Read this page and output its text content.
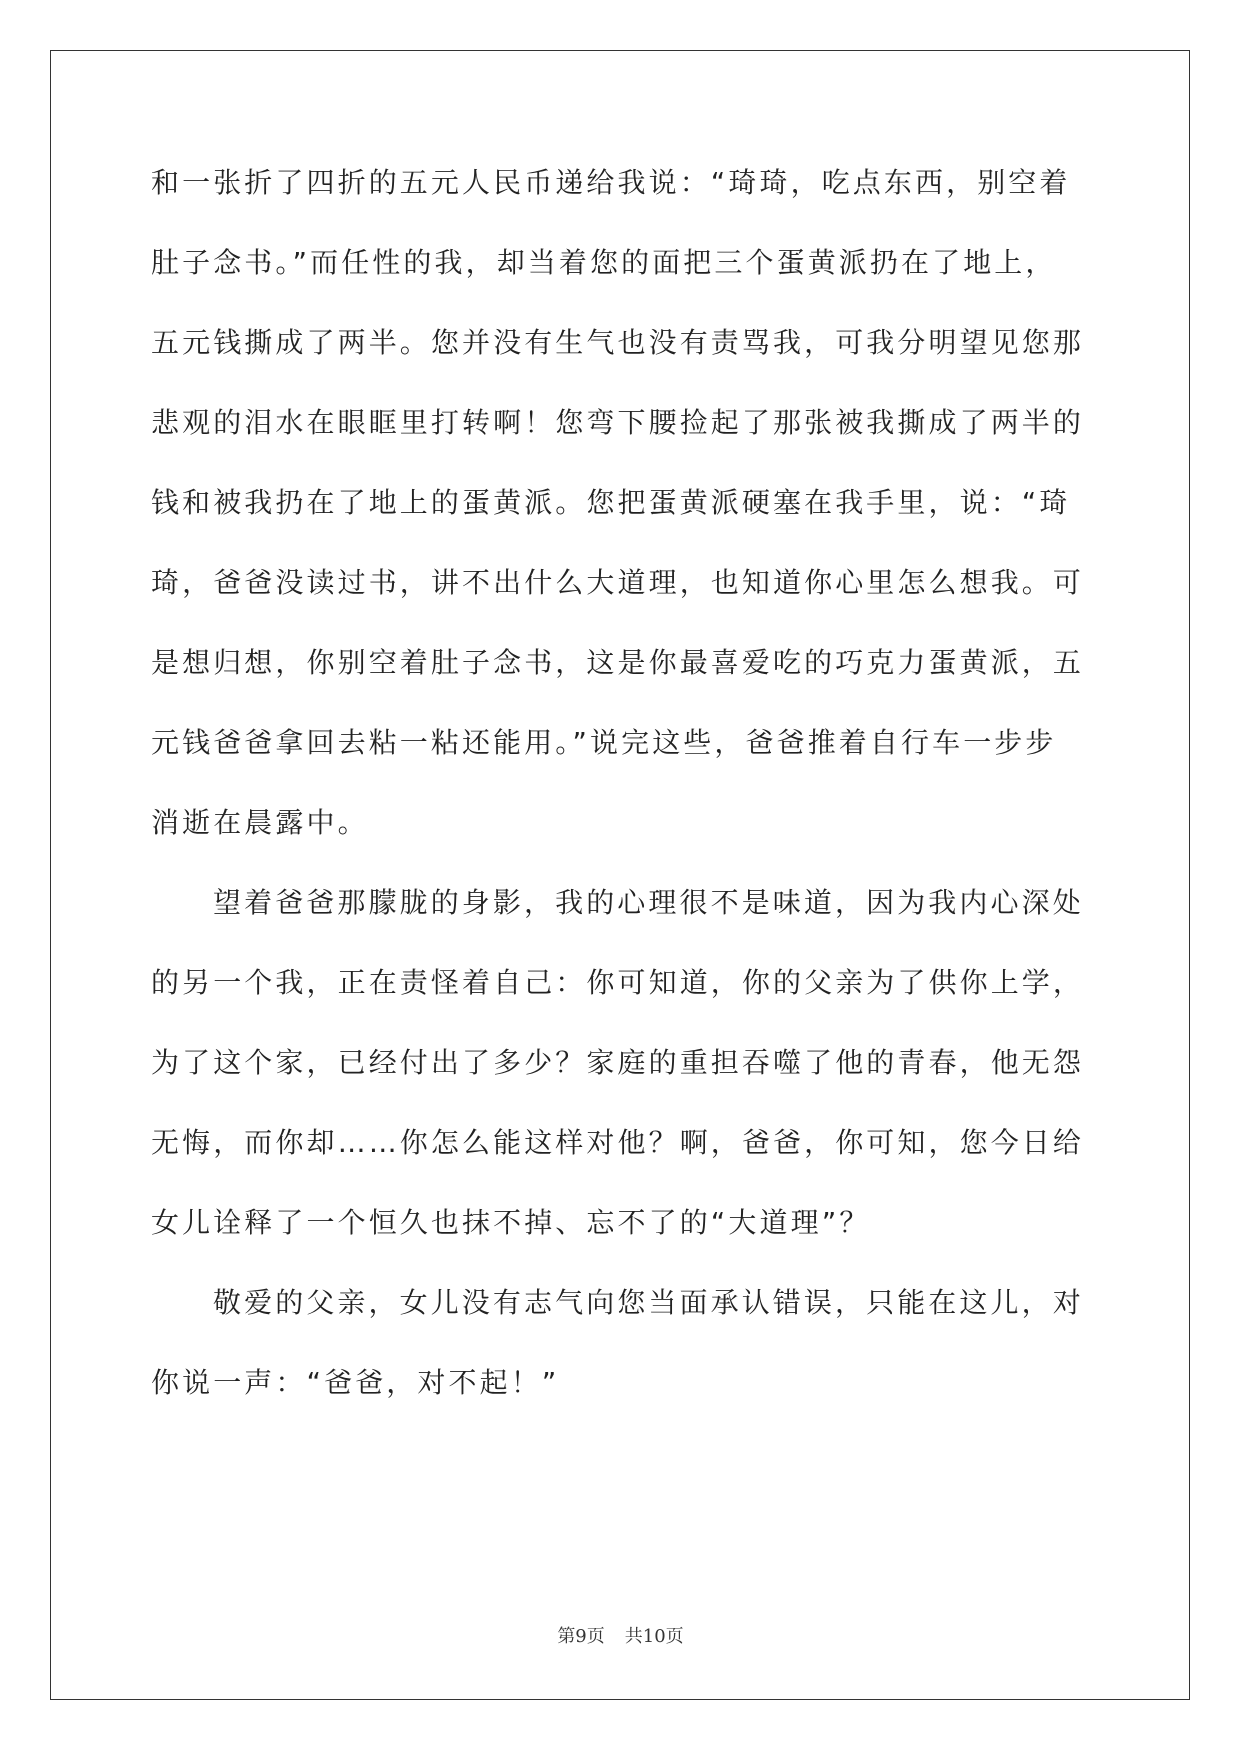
和一张折了四折的五元人民币递给我说：“琦琦，吃点东西，别空着
肚子念书。”而任性的我，却当着您的面把三个蛋黄派扔在了地上，
五元钱撕成了两半。您并没有生气也没有责骂我，可我分明望见您那
悲观的泪水在眼眶里打转啊！您弯下腰捡起了那张被我撕成了两半的
钱和被我扔在了地上的蛋黄派。您把蛋黄派硬塞在我手里，说：“琦
琦，爸爸没读过书，讲不出什么大道理，也知道你心里怎么想我。可
是想归想，你别空着肚子念书，这是你最喜爱吃的巧克力蛋黄派，五
元钱爸爸拿回去粘一粘还能用。”说完这些，爸爸推着自行车一步步
消逝在晨露中。
望着爸爸那朦胧的身影，我的心理很不是味道，因为我内心深处
的另一个我，正在责怪着自己：你可知道，你的父亲为了供你上学，
为了这个家，已经付出了多少？家庭的重担吞噬了他的青春，他无怨
无悔，而你却……你怎么能这样对他？啊，爸爸，你可知，您今日给
女儿诠释了一个恒久也抹不掉、忘不了的“大道理”？
敬爱的父亲，女儿没有志气向您当面承认错误，只能在这儿，对
你说一声：“爸爸，对不起！”
第9页 共10页
